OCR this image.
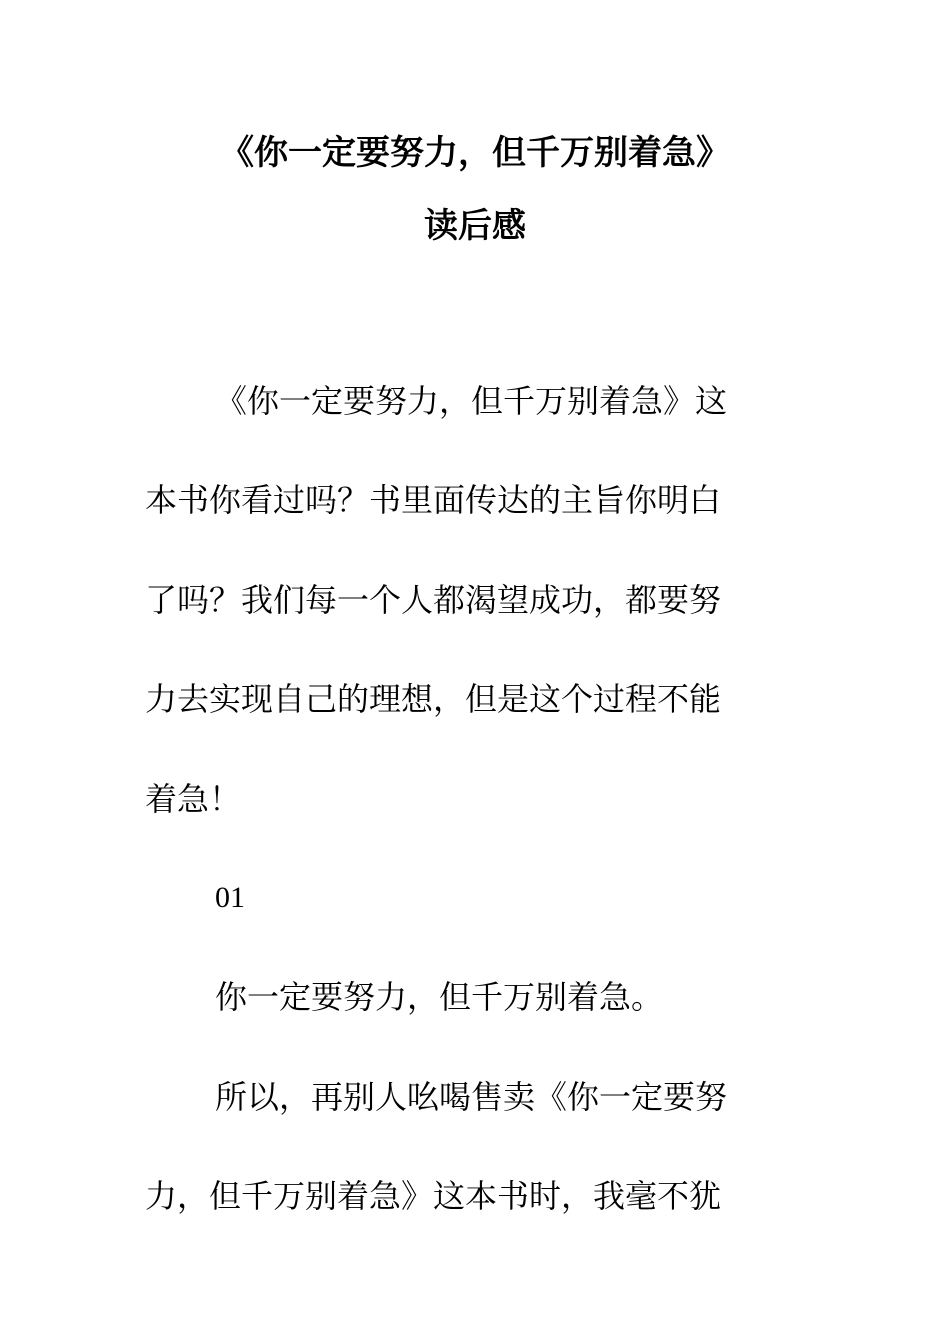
《你一定要努力，但千万别着急》
读后感
《你一定要努力，但千万别着急》这
本书你看过吗？书里面传达的主旨你明白
了吗？我们每一个人都渴望成功，都要努
力去实现自己的理想，但是这个过程不能
着急！
01
你一定要努力，但千万别着急。
所以，再别人吆喝售卖《你一定要努
力，但千万别着急》这本书时，我毫不犹
